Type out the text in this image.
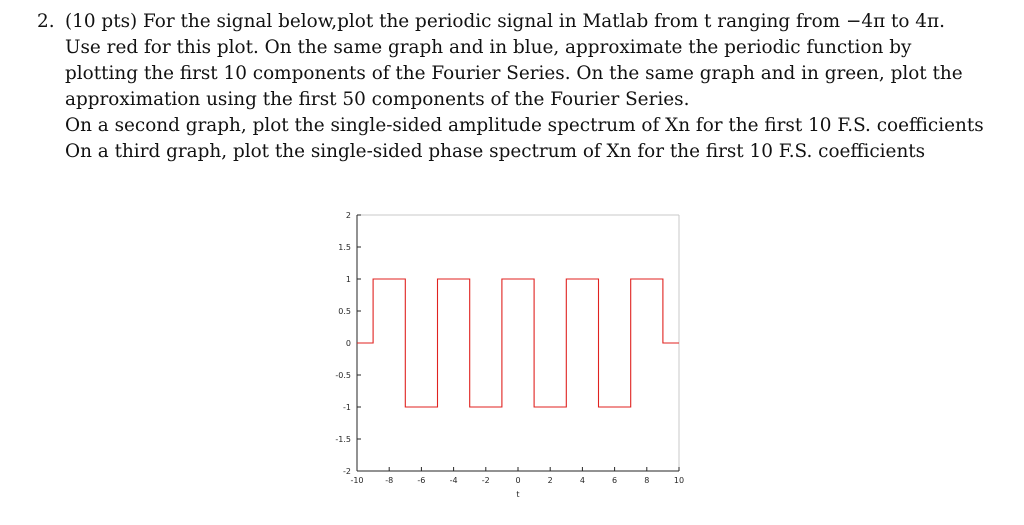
2. (10 pts) For the signal below,plot the periodic signal in Matlab from t ranging from −4π to 4π.
Use red for this plot. On the same graph and in blue, approximate the periodic function by
plotting the first 10 components of the Fourier Series. On the same graph and in green, plot the
approximation using the first 50 components of the Fourier Series.
On a second graph, plot the single-sided amplitude spectrum of Xn for the first 10 F.S. coefficients
On a third graph, plot the single-sided phase spectrum of Xn for the first 10 F.S. coefficients
-2
-1.5
-1
-0.5
0
0.5
1
1.5
2
-10	-8	-6	-4	-2	0	2	4	6	8	10
t
